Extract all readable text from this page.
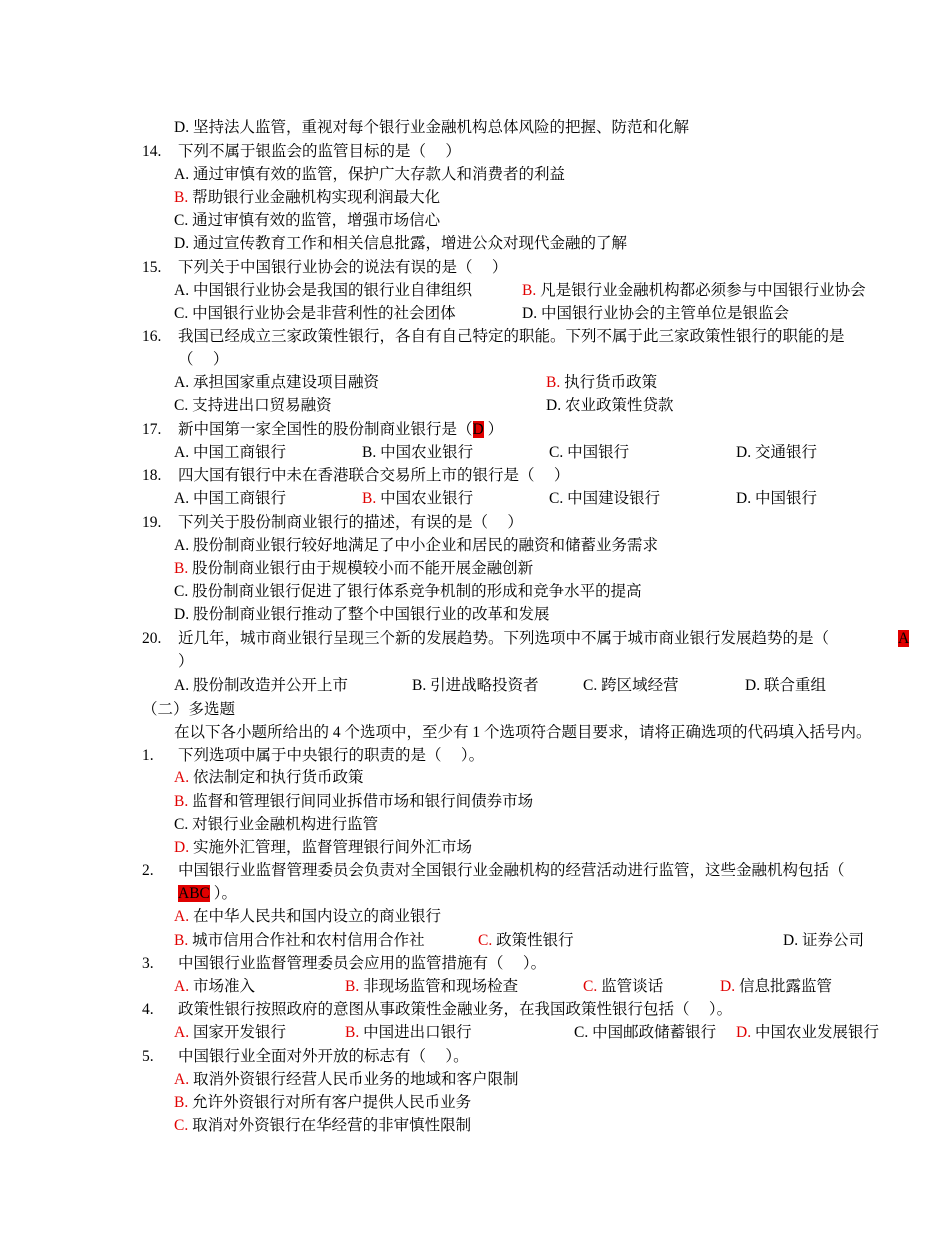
D. 坚持法人监管，重视对每个银行业金融机构总体风险的把握、防范和化解
14. 下列不属于银监会的监管目标的是（　 ）
A. 通过审慎有效的监管，保护广大存款人和消费者的利益
B. 帮助银行业金融机构实现利润最大化
C. 通过审慎有效的监管，增强市场信心
D. 通过宣传教育工作和相关信息批露，增进公众对现代金融的了解
15. 下列关于中国银行业协会的说法有误的是（　 ）
A. 中国银行业协会是我国的银行业自律组织	B. 凡是银行业金融机构都必须参与中国银行业协会
C. 中国银行业协会是非营利性的社会团体	D. 中国银行业协会的主管单位是银监会
16. 我国已经成立三家政策性银行，各自有自己特定的职能。下列不属于此三家政策性银行的职能的是
（　 ）
A. 承担国家重点建设项目融资	B. 执行货币政策
C. 支持进出口贸易融资	D. 农业政策性贷款
17. 新中国第一家全国性的股份制商业银行是（D ）
A. 中国工商银行	B. 中国农业银行	C. 中国银行	D. 交通银行
18. 四大国有银行中未在香港联合交易所上市的银行是（　 ）
A. 中国工商银行	B. 中国农业银行	C. 中国建设银行	D. 中国银行
19. 下列关于股份制商业银行的描述，有误的是（　 ）
A. 股份制商业银行较好地满足了中小企业和居民的融资和储蓄业务需求
B. 股份制商业银行由于规模较小而不能开展金融创新
C. 股份制商业银行促进了银行体系竞争机制的形成和竞争水平的提高
D. 股份制商业银行推动了整个中国银行业的改革和发展
20. 近几年，城市商业银行呈现三个新的发展趋势。下列选项中不属于城市商业银行发展趋势的是（	A
）
A. 股份制改造并公开上市	B. 引进战略投资者	C. 跨区域经营	D. 联合重组
（二）多选题
在以下各小题所给出的 4 个选项中，至少有 1 个选项符合题目要求，请将正确选项的代码填入括号内。
1. 下列选项中属于中央银行的职责的是（　 ）。
A. 依法制定和执行货币政策
B. 监督和管理银行间同业拆借市场和银行间债券市场
C. 对银行业金融机构进行监管
D. 实施外汇管理，监督管理银行间外汇市场
2. 中国银行业监督管理委员会负责对全国银行业金融机构的经营活动进行监管，这些金融机构包括（
ABC ）。
A. 在中华人民共和国内设立的商业银行
B. 城市信用合作社和农村信用合作社	C. 政策性银行	D. 证券公司
3. 中国银行业监督管理委员会应用的监管措施有（　 ）。
A. 市场准入	B. 非现场监管和现场检查	C. 监管谈话	D. 信息批露监管
4. 政策性银行按照政府的意图从事政策性金融业务，在我国政策性银行包括（　 ）。
A. 国家开发银行	B. 中国进出口银行	C. 中国邮政储蓄银行 D. 中国农业发展银行
5. 中国银行业全面对外开放的标志有（　 ）。
A. 取消外资银行经营人民币业务的地域和客户限制
B. 允许外资银行对所有客户提供人民币业务
C. 取消对外资银行在华经营的非审慎性限制
